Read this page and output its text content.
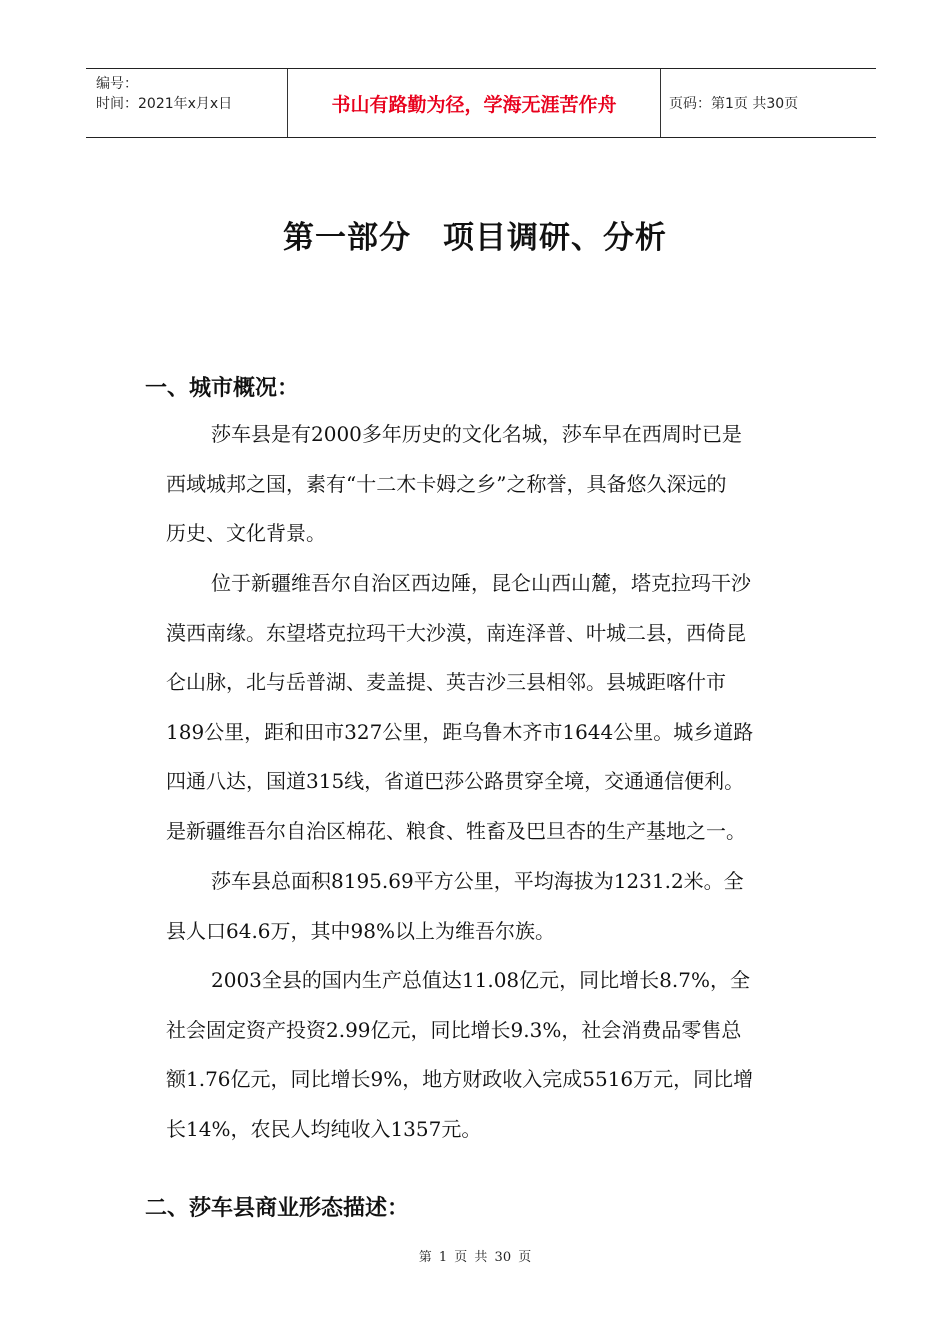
编号：
时间：2021年x月x日	书山有路勤为径，学海无涯苦作舟	页码：第1页 共30页
第一部分 项目调研、分析
一、城市概况：
莎车县是有2000多年历史的文化名城，莎车早在西周时已是
西域城邦之国，素有“十二木卡姆之乡”之称誉，具备悠久深远的
历史、文化背景。
位于新疆维吾尔自治区西边陲，昆仑山西山麓，塔克拉玛干沙
漠西南缘。东望塔克拉玛干大沙漠，南连泽普、叶城二县，西倚昆
仑山脉，北与岳普湖、麦盖提、英吉沙三县相邻。县城距喀什市
189公里，距和田市327公里，距乌鲁木齐市1644公里。城乡道路
四通八达，国道315线，省道巴莎公路贯穿全境，交通通信便利。
是新疆维吾尔自治区棉花、粮食、牲畜及巴旦杏的生产基地之一。
莎车县总面积8195.69平方公里，平均海拔为1231.2米。全
县人口64.6万，其中98%以上为维吾尔族。
2003全县的国内生产总值达11.08亿元，同比增长8.7%，全
社会固定资产投资2.99亿元，同比增长9.3%，社会消费品零售总
额1.76亿元，同比增长9%，地方财政收入完成5516万元，同比增
长14%，农民人均纯收入1357元。
二、莎车县商业形态描述：
第 1 页 共 30 页
